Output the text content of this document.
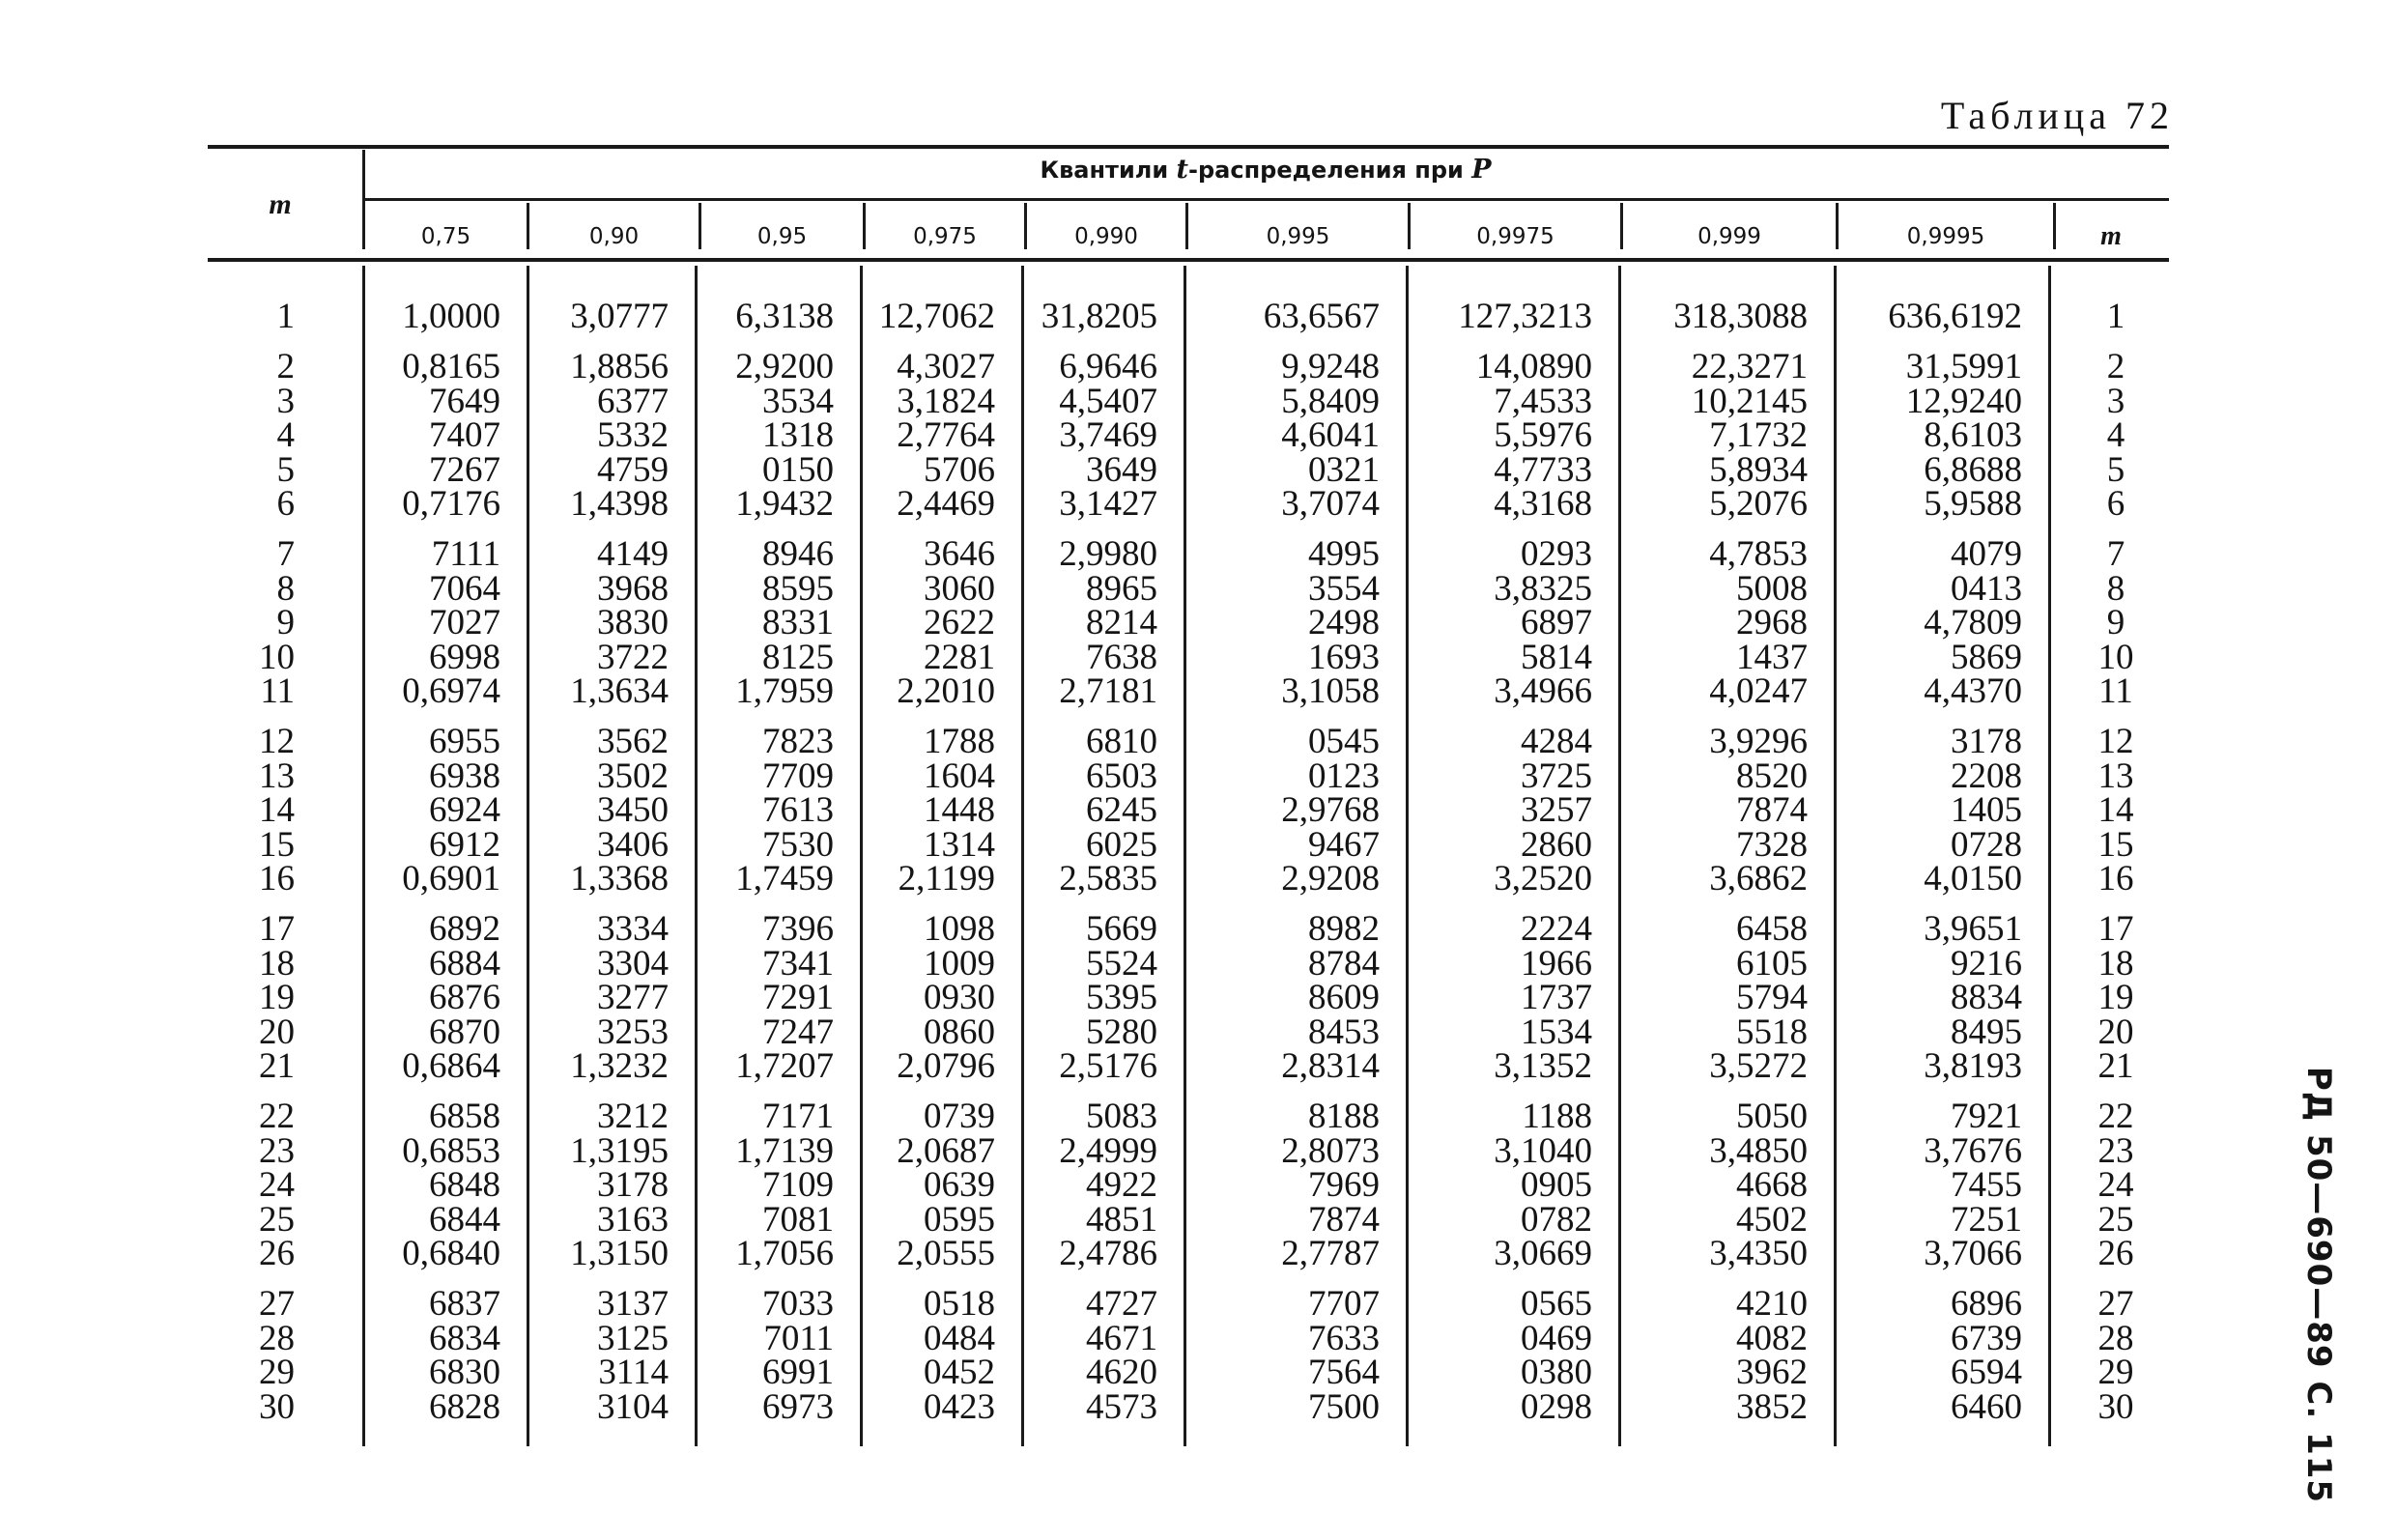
Таблица 72
Квантили t-распределения при P
m
m
0,75	0,90	0,95	0,975	0,990	0,995	0,9975	0,999	0,9995
1	1,0000	3,0777	6,3138	12,7062	31,8205	63,6567	127,3213	318,3088	636,6192	1
2	0,8165	1,8856	2,9200	4,3027	6,9646	9,9248	14,0890	22,3271	31,5991	2
3	7649	6377	3534	3,1824	4,5407	5,8409	7,4533	10,2145	12,9240	3
4	7407	5332	1318	2,7764	3,7469	4,6041	5,5976	7,1732	8,6103	4
5	7267	4759	0150	5706	3649	0321	4,7733	5,8934	6,8688	5
6	0,7176	1,4398	1,9432	2,4469	3,1427	3,7074	4,3168	5,2076	5,9588	6
7	7111	4149	8946	3646	2,9980	4995	0293	4,7853	4079	7
8	7064	3968	8595	3060	8965	3554	3,8325	5008	0413	8
9	7027	3830	8331	2622	8214	2498	6897	2968	4,7809	9
10	6998	3722	8125	2281	7638	1693	5814	1437	5869	10
11	0,6974	1,3634	1,7959	2,2010	2,7181	3,1058	3,4966	4,0247	4,4370	11
12	6955	3562	7823	1788	6810	0545	4284	3,9296	3178	12
13	6938	3502	7709	1604	6503	0123	3725	8520	2208	13
14	6924	3450	7613	1448	6245	2,9768	3257	7874	1405	14
15	6912	3406	7530	1314	6025	9467	2860	7328	0728	15
16	0,6901	1,3368	1,7459	2,1199	2,5835	2,9208	3,2520	3,6862	4,0150	16
17	6892	3334	7396	1098	5669	8982	2224	6458	3,9651	17
18	6884	3304	7341	1009	5524	8784	1966	6105	9216	18
19	6876	3277	7291	0930	5395	8609	1737	5794	8834	19
20	6870	3253	7247	0860	5280	8453	1534	5518	8495	20
21	0,6864	1,3232	1,7207	2,0796	2,5176	2,8314	3,1352	3,5272	3,8193	21
22	6858	3212	7171	0739	5083	8188	1188	5050	7921	22
23	0,6853	1,3195	1,7139	2,0687	2,4999	2,8073	3,1040	3,4850	3,7676	23
24	6848	3178	7109	0639	4922	7969	0905	4668	7455	24
25	6844	3163	7081	0595	4851	7874	0782	4502	7251	25
26	0,6840	1,3150	1,7056	2,0555	2,4786	2,7787	3,0669	3,4350	3,7066	26
27	6837	3137	7033	0518	4727	7707	0565	4210	6896	27
28	6834	3125	7011	0484	4671	7633	0469	4082	6739	28
29	6830	3114	6991	0452	4620	7564	0380	3962	6594	29
30	6828	3104	6973	0423	4573	7500	0298	3852	6460	30	РД 50—690—89 С. 115
